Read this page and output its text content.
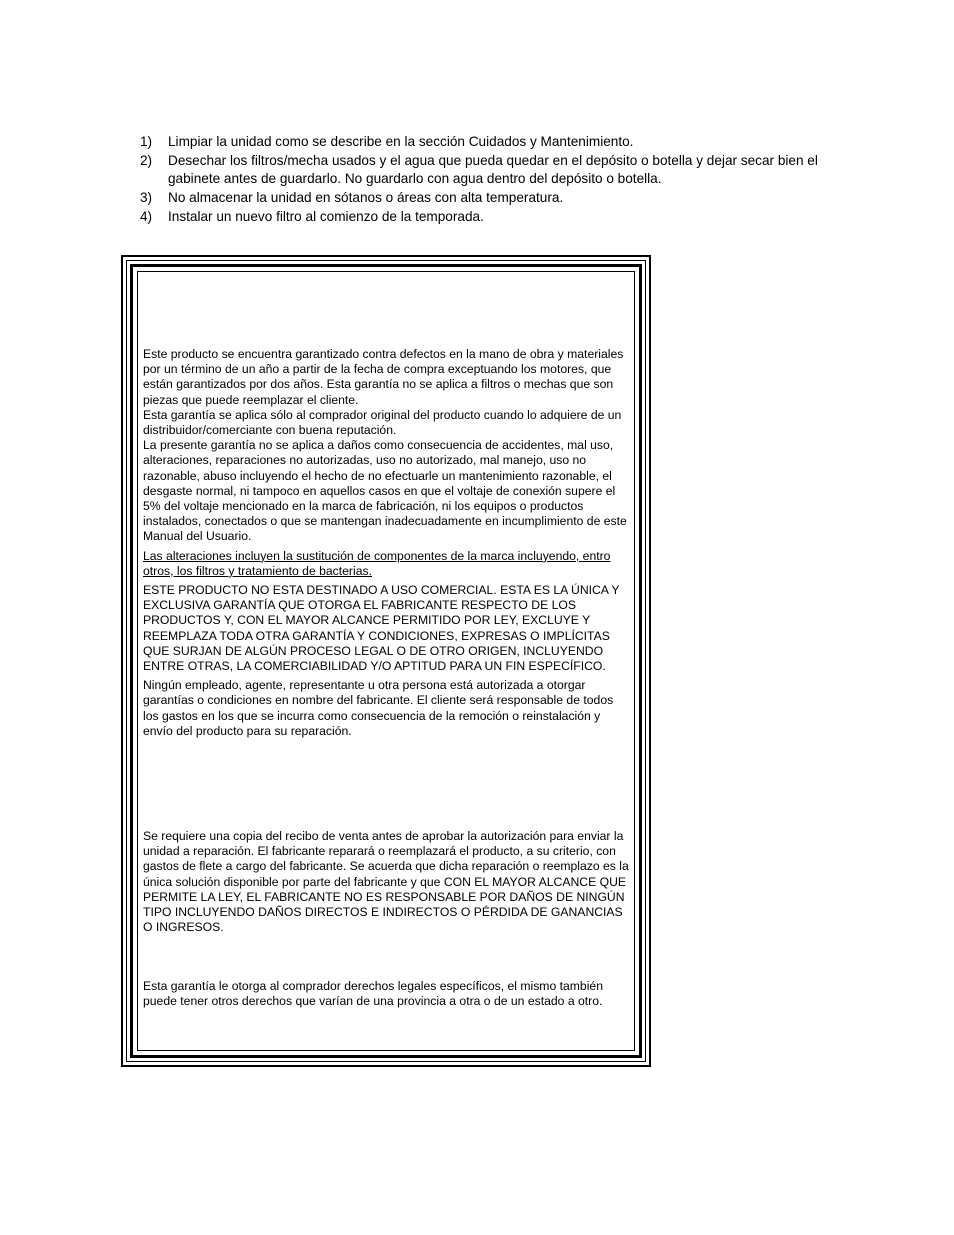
1)	Limpiar la unidad como se describe en la sección Cuidados y Mantenimiento.
2)	Desechar los filtros/mecha usados y el agua que pueda quedar en el depósito o botella y dejar secar bien el gabinete antes de guardarlo. No guardarlo con agua dentro del depósito o botella.
3)	No almacenar la unidad en sótanos o áreas con alta temperatura.
4)	Instalar un nuevo filtro al comienzo de la temporada.

Este producto se encuentra garantizado contra defectos en la mano de obra y materiales por un término de un año a partir de la fecha de compra exceptuando los motores, que están garantizados por dos años. Esta garantía no se aplica a filtros o mechas que son piezas que puede reemplazar el cliente.

Esta garantía se aplica sólo al comprador original del producto cuando lo adquiere de un distribuidor/comerciante con buena reputación.

La presente garantía no se aplica a daños como consecuencia de accidentes, mal uso, alteraciones, reparaciones no autorizadas, uso no autorizado, mal manejo, uso no razonable, abuso incluyendo el hecho de no efectuarle un mantenimiento razonable, el desgaste normal, ni tampoco en aquellos casos en que el voltaje de conexión supere el 5% del voltaje mencionado en la marca de fabricación, ni los equipos o productos instalados, conectados o que se mantengan inadecuadamente en incumplimiento de este Manual del Usuario.

Las alteraciones incluyen la sustitución de componentes de la marca incluyendo, entro otros, los filtros y tratamiento de bacterias.

ESTE PRODUCTO NO ESTA DESTINADO A USO COMERCIAL. ESTA ES LA ÚNICA Y EXCLUSIVA GARANTÍA QUE OTORGA EL FABRICANTE RESPECTO DE LOS PRODUCTOS Y, CON EL MAYOR ALCANCE PERMITIDO POR LEY, EXCLUYE Y REEMPLAZA TODA OTRA GARANTÍA Y CONDICIONES, EXPRESAS O IMPLÍCITAS QUE SURJAN DE ALGÚN PROCESO LEGAL O DE OTRO ORIGEN, INCLUYENDO ENTRE OTRAS, LA COMERCIABILIDAD Y/O APTITUD PARA UN FIN ESPECÍFICO.

Ningún empleado, agente, representante u otra persona está autorizada a otorgar garantías o condiciones en nombre del fabricante. El cliente será responsable de todos los gastos en los que se incurra como consecuencia de la remoción o reinstalación y envío del producto para su reparación.

Se requiere una copia del recibo de venta antes de aprobar la autorización para enviar la unidad a reparación. El fabricante reparará o reemplazará el producto, a su criterio, con gastos de flete a cargo del fabricante. Se acuerda que dicha reparación o reemplazo es la única solución disponible por parte del fabricante y que CON EL MAYOR ALCANCE QUE PERMITE LA LEY, EL FABRICANTE NO ES RESPONSABLE POR DAÑOS DE NINGÚN TIPO INCLUYENDO DAÑOS DIRECTOS E INDIRECTOS O PÉRDIDA DE GANANCIAS O INGRESOS.

Esta garantía le otorga al comprador derechos legales específicos, el mismo también puede tener otros derechos que varían de una provincia a otra o de un estado a otro.
